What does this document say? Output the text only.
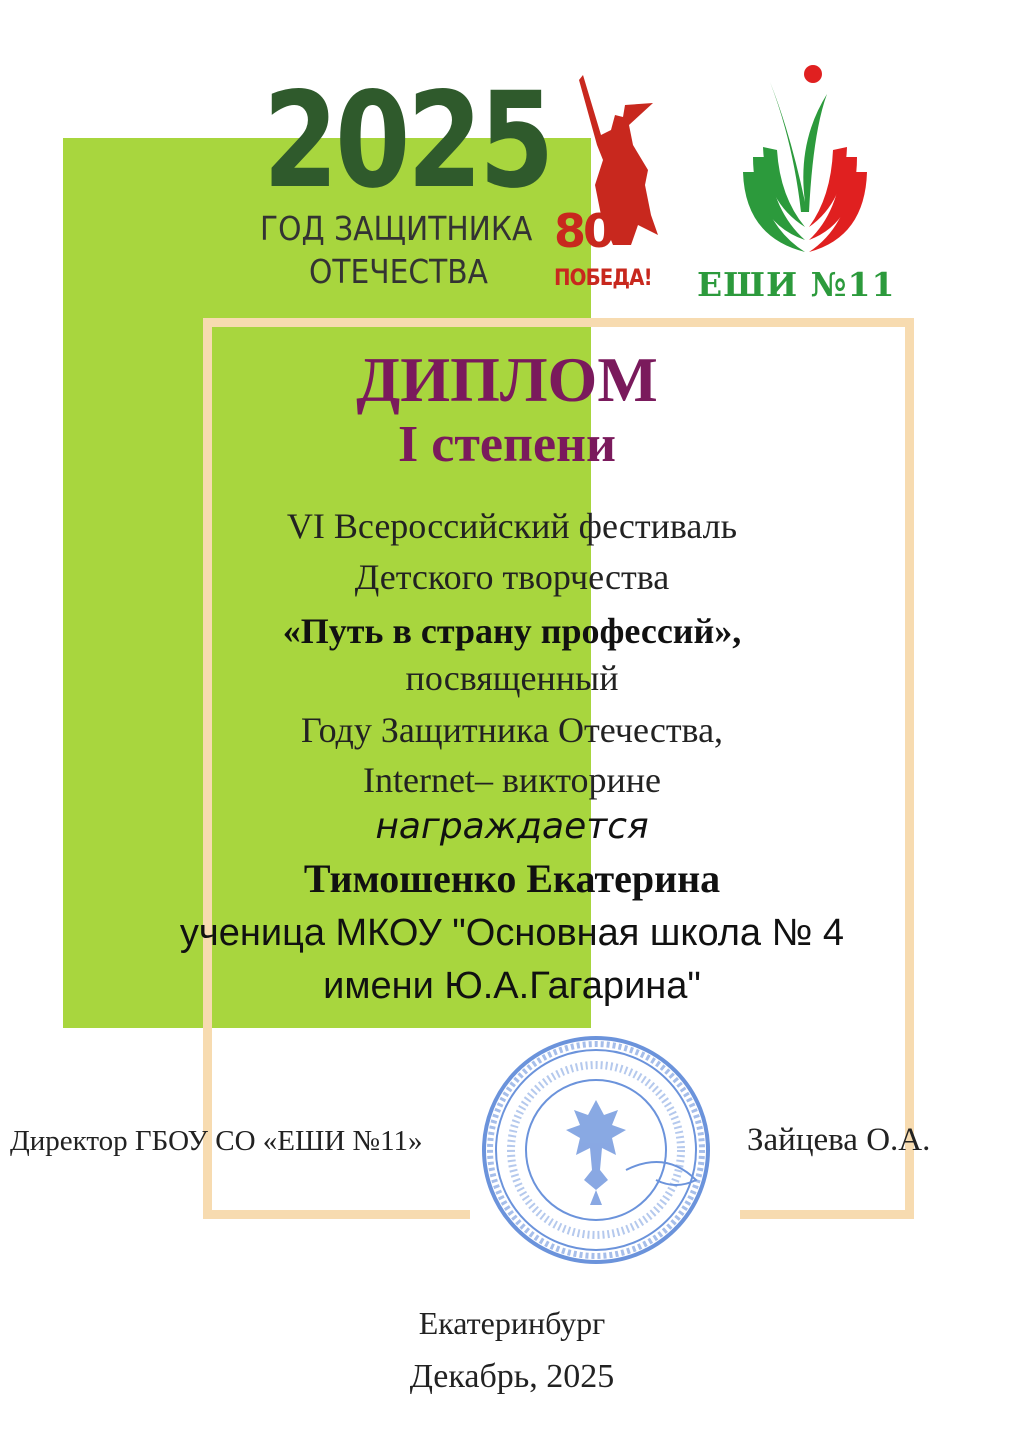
2025
ГОД ЗАЩИТНИКА
ОТЕЧЕСТВА
80
ПОБЕДА! ЕШИ №11
ДИПЛОМ
I степени
VI Всероссийский фестиваль
Детского творчества
«Путь в страну профессий»,
посвященный
Году Защитника Отечества,
Internet– викторине
награждается
Тимошенко Екатерина
ученица МКОУ "Основная школа № 4
имени Ю.А.Гагарина"
Директор ГБОУ СО «ЕШИ №11»	Зайцева О.А.
Екатеринбург
Декабрь, 2025
